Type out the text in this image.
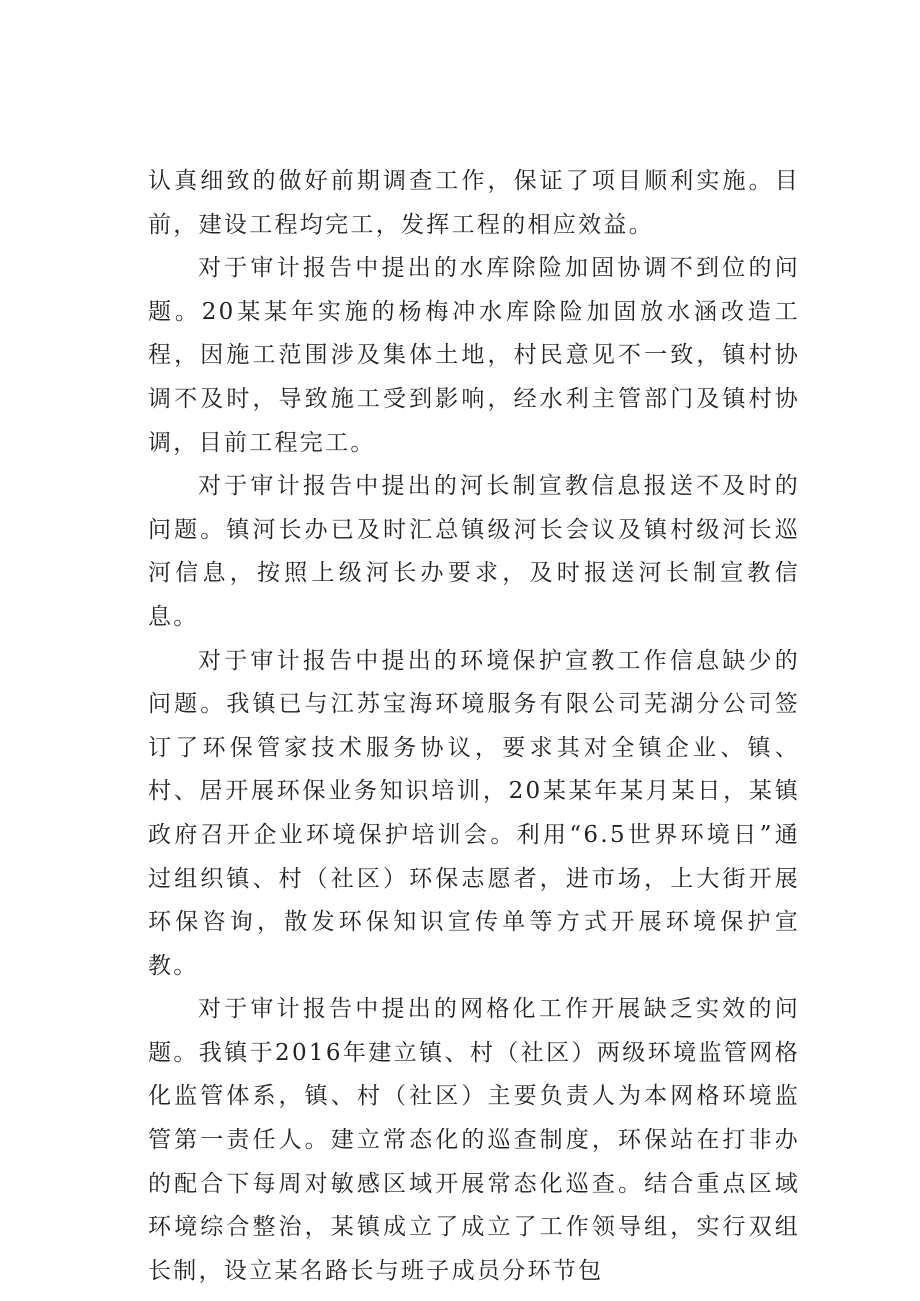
认真细致的做好前期调查工作，保证了项目顺利实施。目前，建设工程均完工，发挥工程的相应效益。

对于审计报告中提出的水库除险加固协调不到位的问题。20某某年实施的杨梅冲水库除险加固放水涵改造工程，因施工范围涉及集体土地，村民意见不一致，镇村协调不及时，导致施工受到影响，经水利主管部门及镇村协调，目前工程完工。

对于审计报告中提出的河长制宣教信息报送不及时的问题。镇河长办已及时汇总镇级河长会议及镇村级河长巡河信息，按照上级河长办要求，及时报送河长制宣教信息。

对于审计报告中提出的环境保护宣教工作信息缺少的问题。我镇已与江苏宝海环境服务有限公司芜湖分公司签订了环保管家技术服务协议，要求其对全镇企业、镇、村、居开展环保业务知识培训，20某某年某月某日，某镇政府召开企业环境保护培训会。利用“6.5世界环境日”通过组织镇、村（社区）环保志愿者，进市场，上大街开展环保咨询，散发环保知识宣传单等方式开展环境保护宣教。

对于审计报告中提出的网格化工作开展缺乏实效的问题。我镇于2016年建立镇、村（社区）两级环境监管网格化监管体系，镇、村（社区）主要负责人为本网格环境监管第一责任人。建立常态化的巡查制度，环保站在打非办的配合下每周对敏感区域开展常态化巡查。结合重点区域环境综合整治，某镇成立了成立了工作领导组，实行双组长制，设立某名路长与班子成员分环节包
